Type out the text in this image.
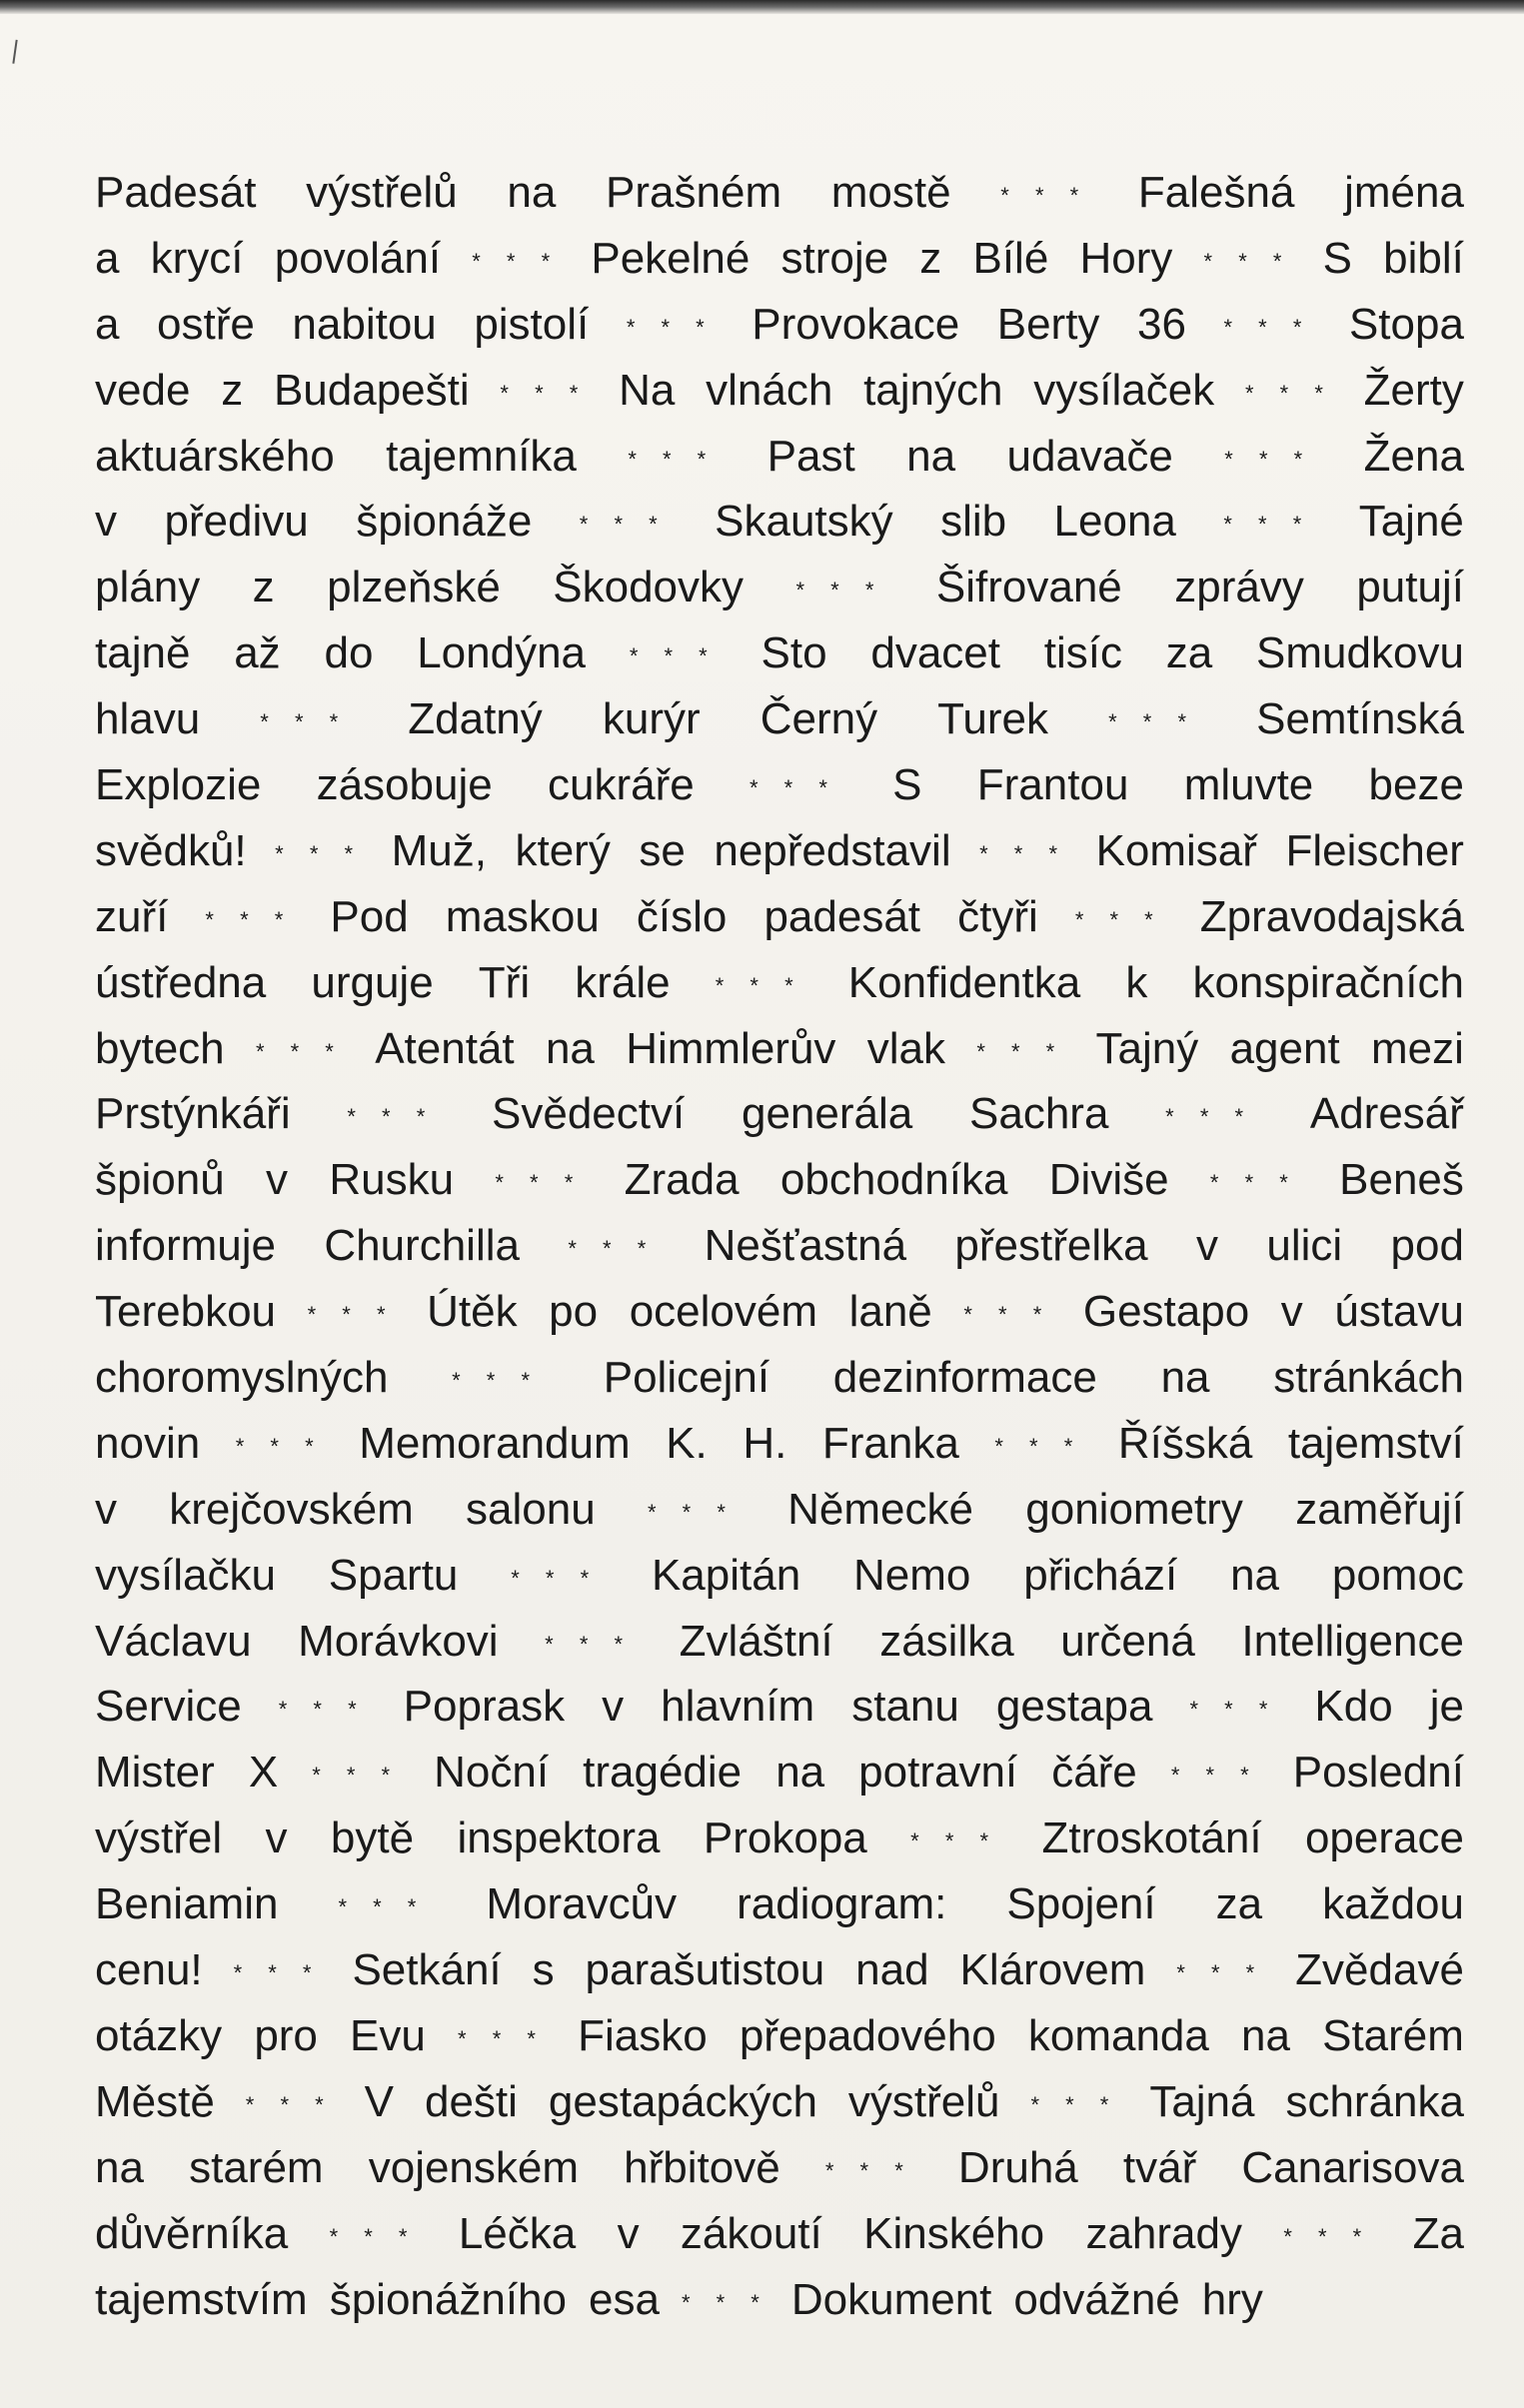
Padesát výstřelů na Prašném mostě * * * Falešná jména
a krycí povolání * * * Pekelné stroje z Bílé Hory * * * S biblí
a ostře nabitou pistolí * * * Provokace Berty 36 * * * Stopa
vede z Budapešti * * * Na vlnách tajných vysílaček * * * Žerty
aktuárského tajemníka * * * Past na udavače * * * Žena
v předivu špionáže * * * Skautský slib Leona * * * Tajné
plány z plzeňské Škodovky * * * Šifrované zprávy putují
tajně až do Londýna * * * Sto dvacet tisíc za Smudkovu
hlavu	* * * Zdatný kurýr Černý Turek	* * * Semtínská
Explozie zásobuje cukráře	* * * S Frantou mluvte beze
svědků! * * * Muž, který se nepředstavil * * * Komisař Fleischer
zuří * * * Pod maskou číslo padesát čtyři * * * Zpravodajská
ústředna urguje Tři krále * * * Konfidentka k konspiračních
bytech * * * Atentát na Himmlerův vlak * * * Tajný agent mezi
Prstýnkáři	* * * Svědectví generála Sachra	* * * Adresář
špionů v Rusku * * * Zrada obchodníka Diviše * * * Beneš
informuje Churchilla * * * Nešťastná přestřelka v ulici pod
Terebkou * * * Útěk po ocelovém laně * * * Gestapo v ústavu
choromyslných	* * * Policejní dezinformace na stránkách
novin * * * Memorandum K. H. Franka * * * Říšská tajemství
v krejčovském salonu * * * Německé goniometry zaměřují
vysílačku Spartu * * * Kapitán Nemo přichází na pomoc
Václavu Morávkovi * * * Zvláštní zásilka určená Intelligence
Service * * * Poprask v hlavním stanu gestapa * * * Kdo je
Mister X * * * Noční tragédie na potravní čáře * * * Poslední
výstřel v bytě inspektora Prokopa * * * Ztroskotání operace
Beniamin	* * * Moravcův radiogram: Spojení za každou
cenu! * * * Setkání s parašutistou nad Klárovem * * * Zvědavé
otázky pro Evu * * * Fiasko přepadového komanda na Starém
Městě * * * V dešti gestapáckých výstřelů * * * Tajná schránka
na starém vojenském hřbitově * * * Druhá tvář Canarisova
důvěrníka * * * Léčka v zákoutí Kinského zahrady * * * Za
tajemstvím špionážního esa * * * Dokument odvážné hry
